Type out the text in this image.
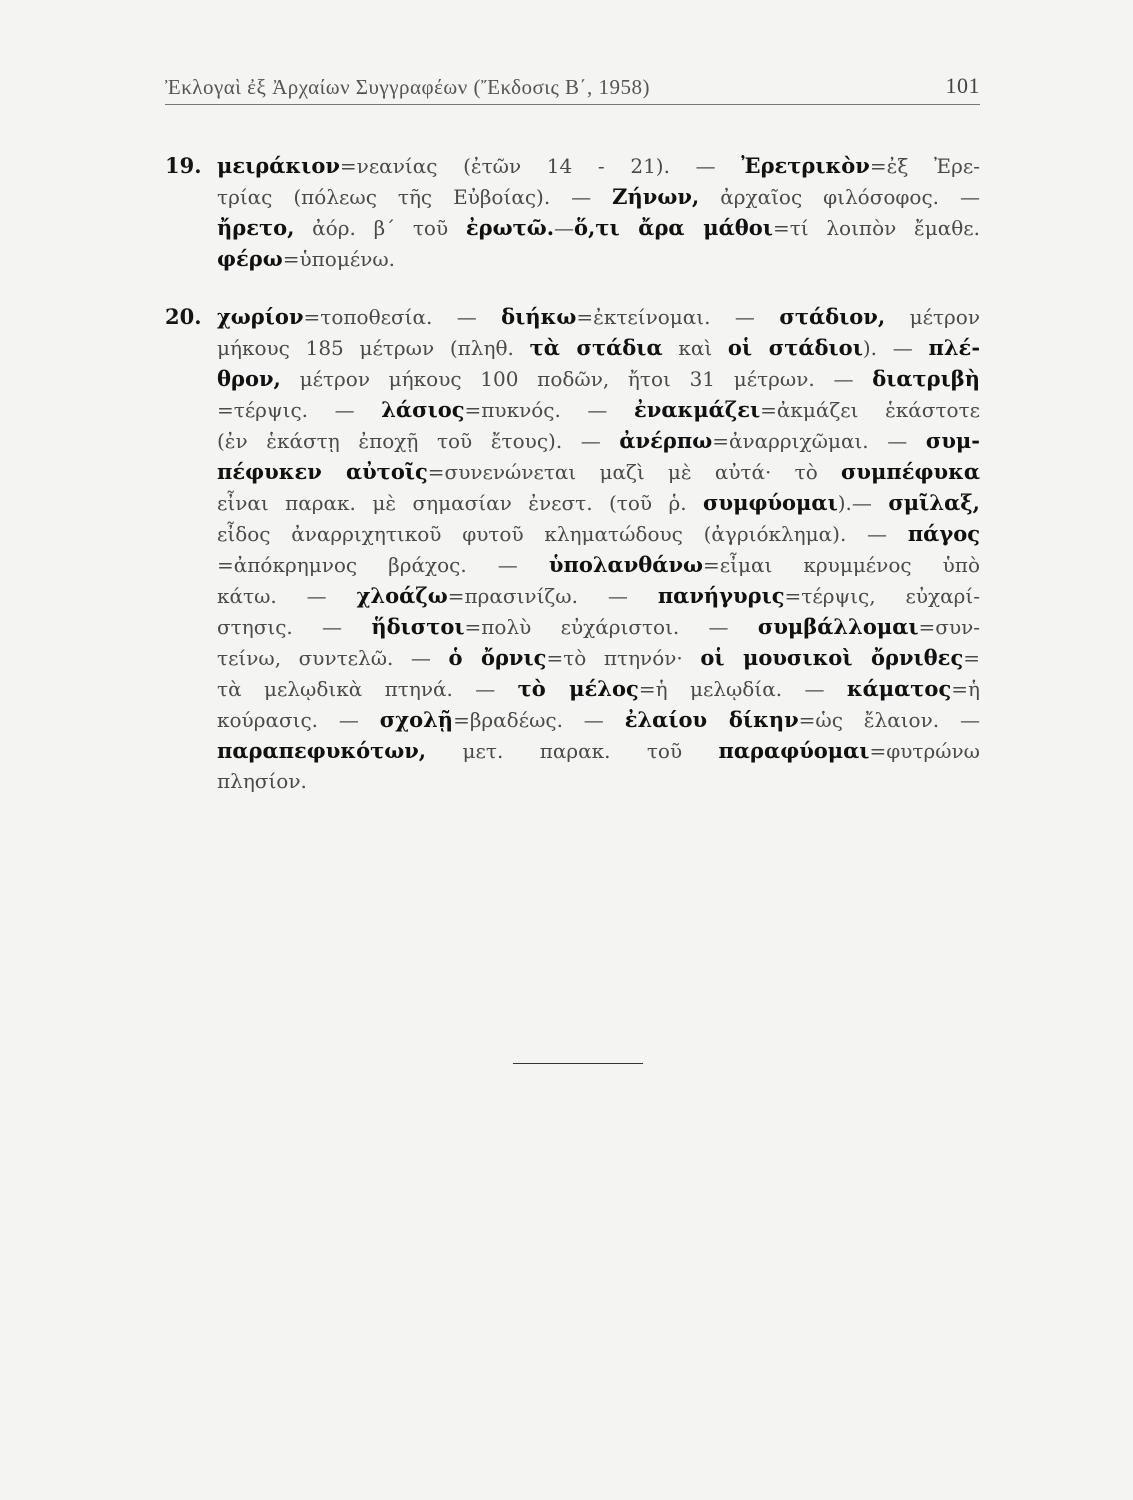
Ἐκλογαὶ ἐξ Ἀρχαίων Συγγραφέων (Ἔκδοσις Β΄, 1958)	101
19. μειράκιον=νεανίας (ἐτῶν 14 - 21). — Ἐρετρικὸν=ἐξ Ἐρε-
τρίας (πόλεως τῆς Εὐβοίας). — Ζήνων, ἀρχαῖος φιλόσοφος. —
ἤρετο, ἀόρ. β΄ τοῦ ἐρωτῶ.—ὅ,τι ἄρα μάθοι=τί λοιπὸν ἔμαθε.
φέρω=ὑπομένω.
20. χωρίον=τοποθεσία. — διήκω=ἐκτείνομαι. — στάδιον, μέτρον
μήκους 185 μέτρων (πληθ. τὰ στάδια καὶ οἱ στάδιοι). — πλέ-
θρον, μέτρον μήκους 100 ποδῶν, ἤτοι 31 μέτρων. — διατριβὴ
=τέρψις. — λάσιος=πυκνός. — ἐνακμάζει=ἀκμάζει ἑκάστοτε
(ἐν ἑκάστῃ ἐποχῇ τοῦ ἔτους). — ἀνέρπω=ἀναρριχῶμαι. — συμ-
πέφυκεν αὐτοῖς=συνενώνεται μαζὶ μὲ αὐτά· τὸ συμπέφυκα
εἶναι παρακ. μὲ σημασίαν ἐνεστ. (τοῦ ῥ. συμφύομαι).— σμῖλαξ,
εἶδος ἀναρριχητικοῦ φυτοῦ κληματώδους (ἀγριόκλημα). — πάγος
=ἀπόκρημνος βράχος. — ὑπολανθάνω=εἶμαι κρυμμένος ὑπὸ
κάτω. — χλοάζω=πρασινίζω. — πανήγυρις=τέρψις, εὐχαρί-
στησις. — ἥδιστοι=πολὺ εὐχάριστοι. — συμβάλλομαι=συν-
τείνω, συντελῶ. — ὁ ὄρνις=τὸ πτηνόν· οἱ μουσικοὶ ὄρνιθες=
τὰ μελῳδικὰ πτηνά. — τὸ μέλος=ἡ μελῳδία. — κάματος=ἡ
κούρασις. — σχολῇ=βραδέως. — ἐλαίου δίκην=ὡς ἔλαιον. —
παραπεφυκότων, μετ. παρακ. τοῦ παραφύομαι=φυτρώνω
πλησίον.
